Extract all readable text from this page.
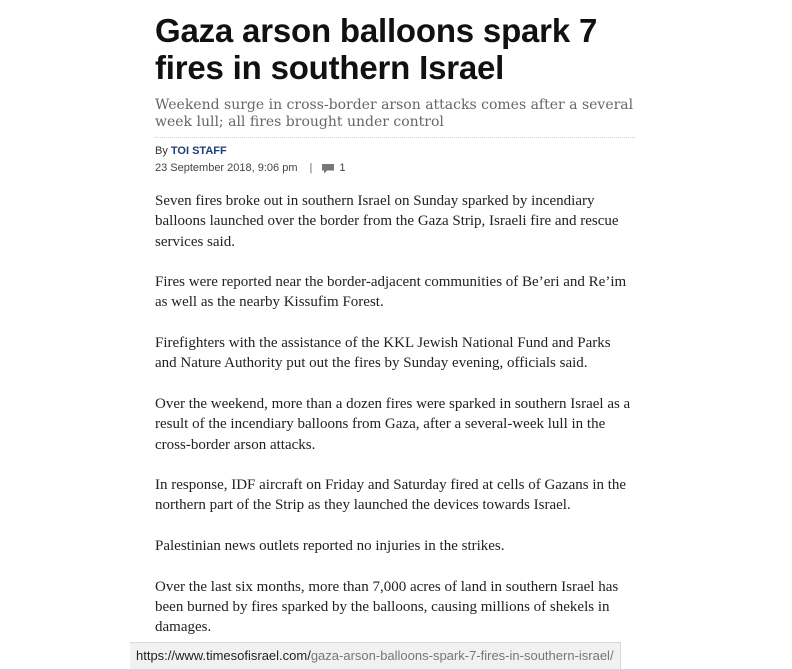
Gaza arson balloons spark 7 fires in southern Israel
Weekend surge in cross-border arson attacks comes after a several week lull; all fires brought under control
By TOI STAFF
23 September 2018, 9:06 pm | 1

Seven fires broke out in southern Israel on Sunday sparked by incendiary balloons launched over the border from the Gaza Strip, Israeli fire and rescue services said.

Fires were reported near the border-adjacent communities of Be’eri and Re’im as well as the nearby Kissufim Forest.

Firefighters with the assistance of the KKL Jewish National Fund and Parks and Nature Authority put out the fires by Sunday evening, officials said.

Over the weekend, more than a dozen fires were sparked in southern Israel as a result of the incendiary balloons from Gaza, after a several-week lull in the cross-border arson attacks.

In response, IDF aircraft on Friday and Saturday fired at cells of Gazans in the northern part of the Strip as they launched the devices towards Israel.

Palestinian news outlets reported no injuries in the strikes.

Over the last six months, more than 7,000 acres of land in southern Israel has been burned by fires sparked by the balloons, causing millions of shekels in damages.

https://www.timesofisrael.com/gaza-arson-balloons-spark-7-fires-in-southern-israel/
